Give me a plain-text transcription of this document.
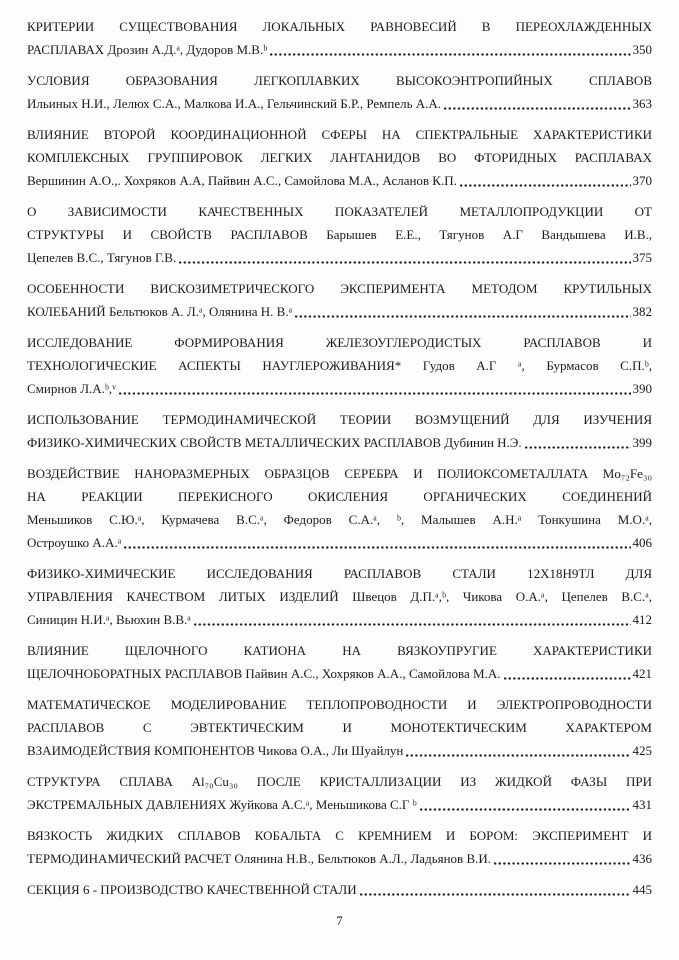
КРИТЕРИИ СУЩЕСТВОВАНИЯ ЛОКАЛЬНЫХ РАВНОВЕСИЙ В ПЕРЕОХЛАЖДЕННЫХ
РАСПЛАВАХ Дрозин А.Д.ᵃ, Дудоров М.В.ᵇ	350
УСЛОВИЯ ОБРАЗОВАНИЯ ЛЕГКОПЛАВКИХ ВЫСОКОЭНТРОПИЙНЫХ СПЛАВОВ
Ильиных Н.И., Лелюх С.А., Малкова И.А., Гельчинский Б.Р., Ремпель А.А.	363
ВЛИЯНИЕ ВТОРОЙ КООРДИНАЦИОННОЙ СФЕРЫ НА СПЕКТРАЛЬНЫЕ ХАРАКТЕРИСТИКИ
КОМПЛЕКСНЫХ ГРУППИРОВОК ЛЕГКИХ ЛАНТАНИДОВ ВО ФТОРИДНЫХ РАСПЛАВАХ
Вершинин А.О.,. Хохряков А.А, Пайвин А.С., Самойлова М.А., Асланов К.П.	370
О ЗАВИСИМОСТИ КАЧЕСТВЕННЫХ ПОКАЗАТЕЛЕЙ МЕТАЛЛОПРОДУКЦИИ ОТ
СТРУКТУРЫ И СВОЙСТВ РАСПЛАВОВ Барышев Е.Е., Тягунов А.Г Вандышева И.В.,
Цепелев В.С., Тягунов Г.В.	375
ОСОБЕННОСТИ ВИСКОЗИМЕТРИЧЕСКОГО ЭКСПЕРИМЕНТА МЕТОДОМ КРУТИЛЬНЫХ
КОЛЕБАНИЙ Бельтюков А. Л.ᵃ, Олянина Н. В.ᵃ	382
ИССЛЕДОВАНИЕ ФОРМИРОВАНИЯ ЖЕЛЕЗОУГЛЕРОДИСТЫХ РАСПЛАВОВ И
ТЕХНОЛОГИЧЕСКИЕ АСПЕКТЫ НАУГЛЕРОЖИВАНИЯ* Гудов А.Г ᵃ, Бурмасов С.П.ᵇ,
Смирнов Л.А.ᵇ,ᵛ	390
ИСПОЛЬЗОВАНИЕ ТЕРМОДИНАМИЧЕСКОЙ ТЕОРИИ ВОЗМУЩЕНИЙ ДЛЯ ИЗУЧЕНИЯ
ФИЗИКО-ХИМИЧЕСКИХ СВОЙСТВ МЕТАЛЛИЧЕСКИХ РАСПЛАВОВ Дубинин Н.Э.	399
ВОЗДЕЙСТВИЕ НАНОРАЗМЕРНЫХ ОБРАЗЦОВ СЕРЕБРА И ПОЛИОКСОМЕТАЛЛАТА Mo₇₂Fe₃₀
НА РЕАКЦИИ ПЕРЕКИСНОГО ОКИСЛЕНИЯ ОРГАНИЧЕСКИХ СОЕДИНЕНИЙ
Меньшиков С.Ю.ᵃ, Курмачева В.С.ᵃ, Федоров С.А.ᵃ, ᵇ, Малышев А.Н.ᵃ Тонкушина М.О.ᵃ,
Остроушко А.А.ᵃ	406
ФИЗИКО-ХИМИЧЕСКИЕ ИССЛЕДОВАНИЯ РАСПЛАВОВ СТАЛИ 12Х18Н9ТЛ ДЛЯ
УПРАВЛЕНИЯ КАЧЕСТВОМ ЛИТЫХ ИЗДЕЛИЙ Швецов Д.П.ᵃ,ᵇ, Чикова О.А.ᵃ, Цепелев В.С.ᵃ,
Синицин Н.И.ᵃ, Вьюхин В.В.ᵃ	412
ВЛИЯНИЕ ЩЕЛОЧНОГО КАТИОНА НА ВЯЗКОУПРУГИЕ ХАРАКТЕРИСТИКИ
ЩЕЛОЧНОБОРАТНЫХ РАСПЛАВОВ Пайвин А.С., Хохряков А.А., Самойлова М.А.	421
МАТЕМАТИЧЕСКОЕ МОДЕЛИРОВАНИЕ ТЕПЛОПРОВОДНОСТИ И ЭЛЕКТРОПРОВОДНОСТИ
РАСПЛАВОВ С ЭВТЕКТИЧЕСКИМ И МОНОТЕКТИЧЕСКИМ ХАРАКТЕРОМ
ВЗАИМОДЕЙСТВИЯ КОМПОНЕНТОВ Чикова О.А., Ли Шуайлун	425
СТРУКТУРА СПЛАВА Al₇₀Cu₃₀ ПОСЛЕ КРИСТАЛЛИЗАЦИИ ИЗ ЖИДКОЙ ФАЗЫ ПРИ
ЭКСТРЕМАЛЬНЫХ ДАВЛЕНИЯХ Жуйкова А.С.ᵃ, Меньшикова С.Г ᵇ	431
ВЯЗКОСТЬ ЖИДКИХ СПЛАВОВ КОБАЛЬТА С КРЕМНИЕМ И БОРОМ: ЭКСПЕРИМЕНТ И
ТЕРМОДИНАМИЧЕСКИЙ РАСЧЕТ Олянина Н.В., Бельтюков А.Л., Ладьянов В.И.	436
СЕКЦИЯ 6 - ПРОИЗВОДСТВО КАЧЕСТВЕННОЙ СТАЛИ	445
7
